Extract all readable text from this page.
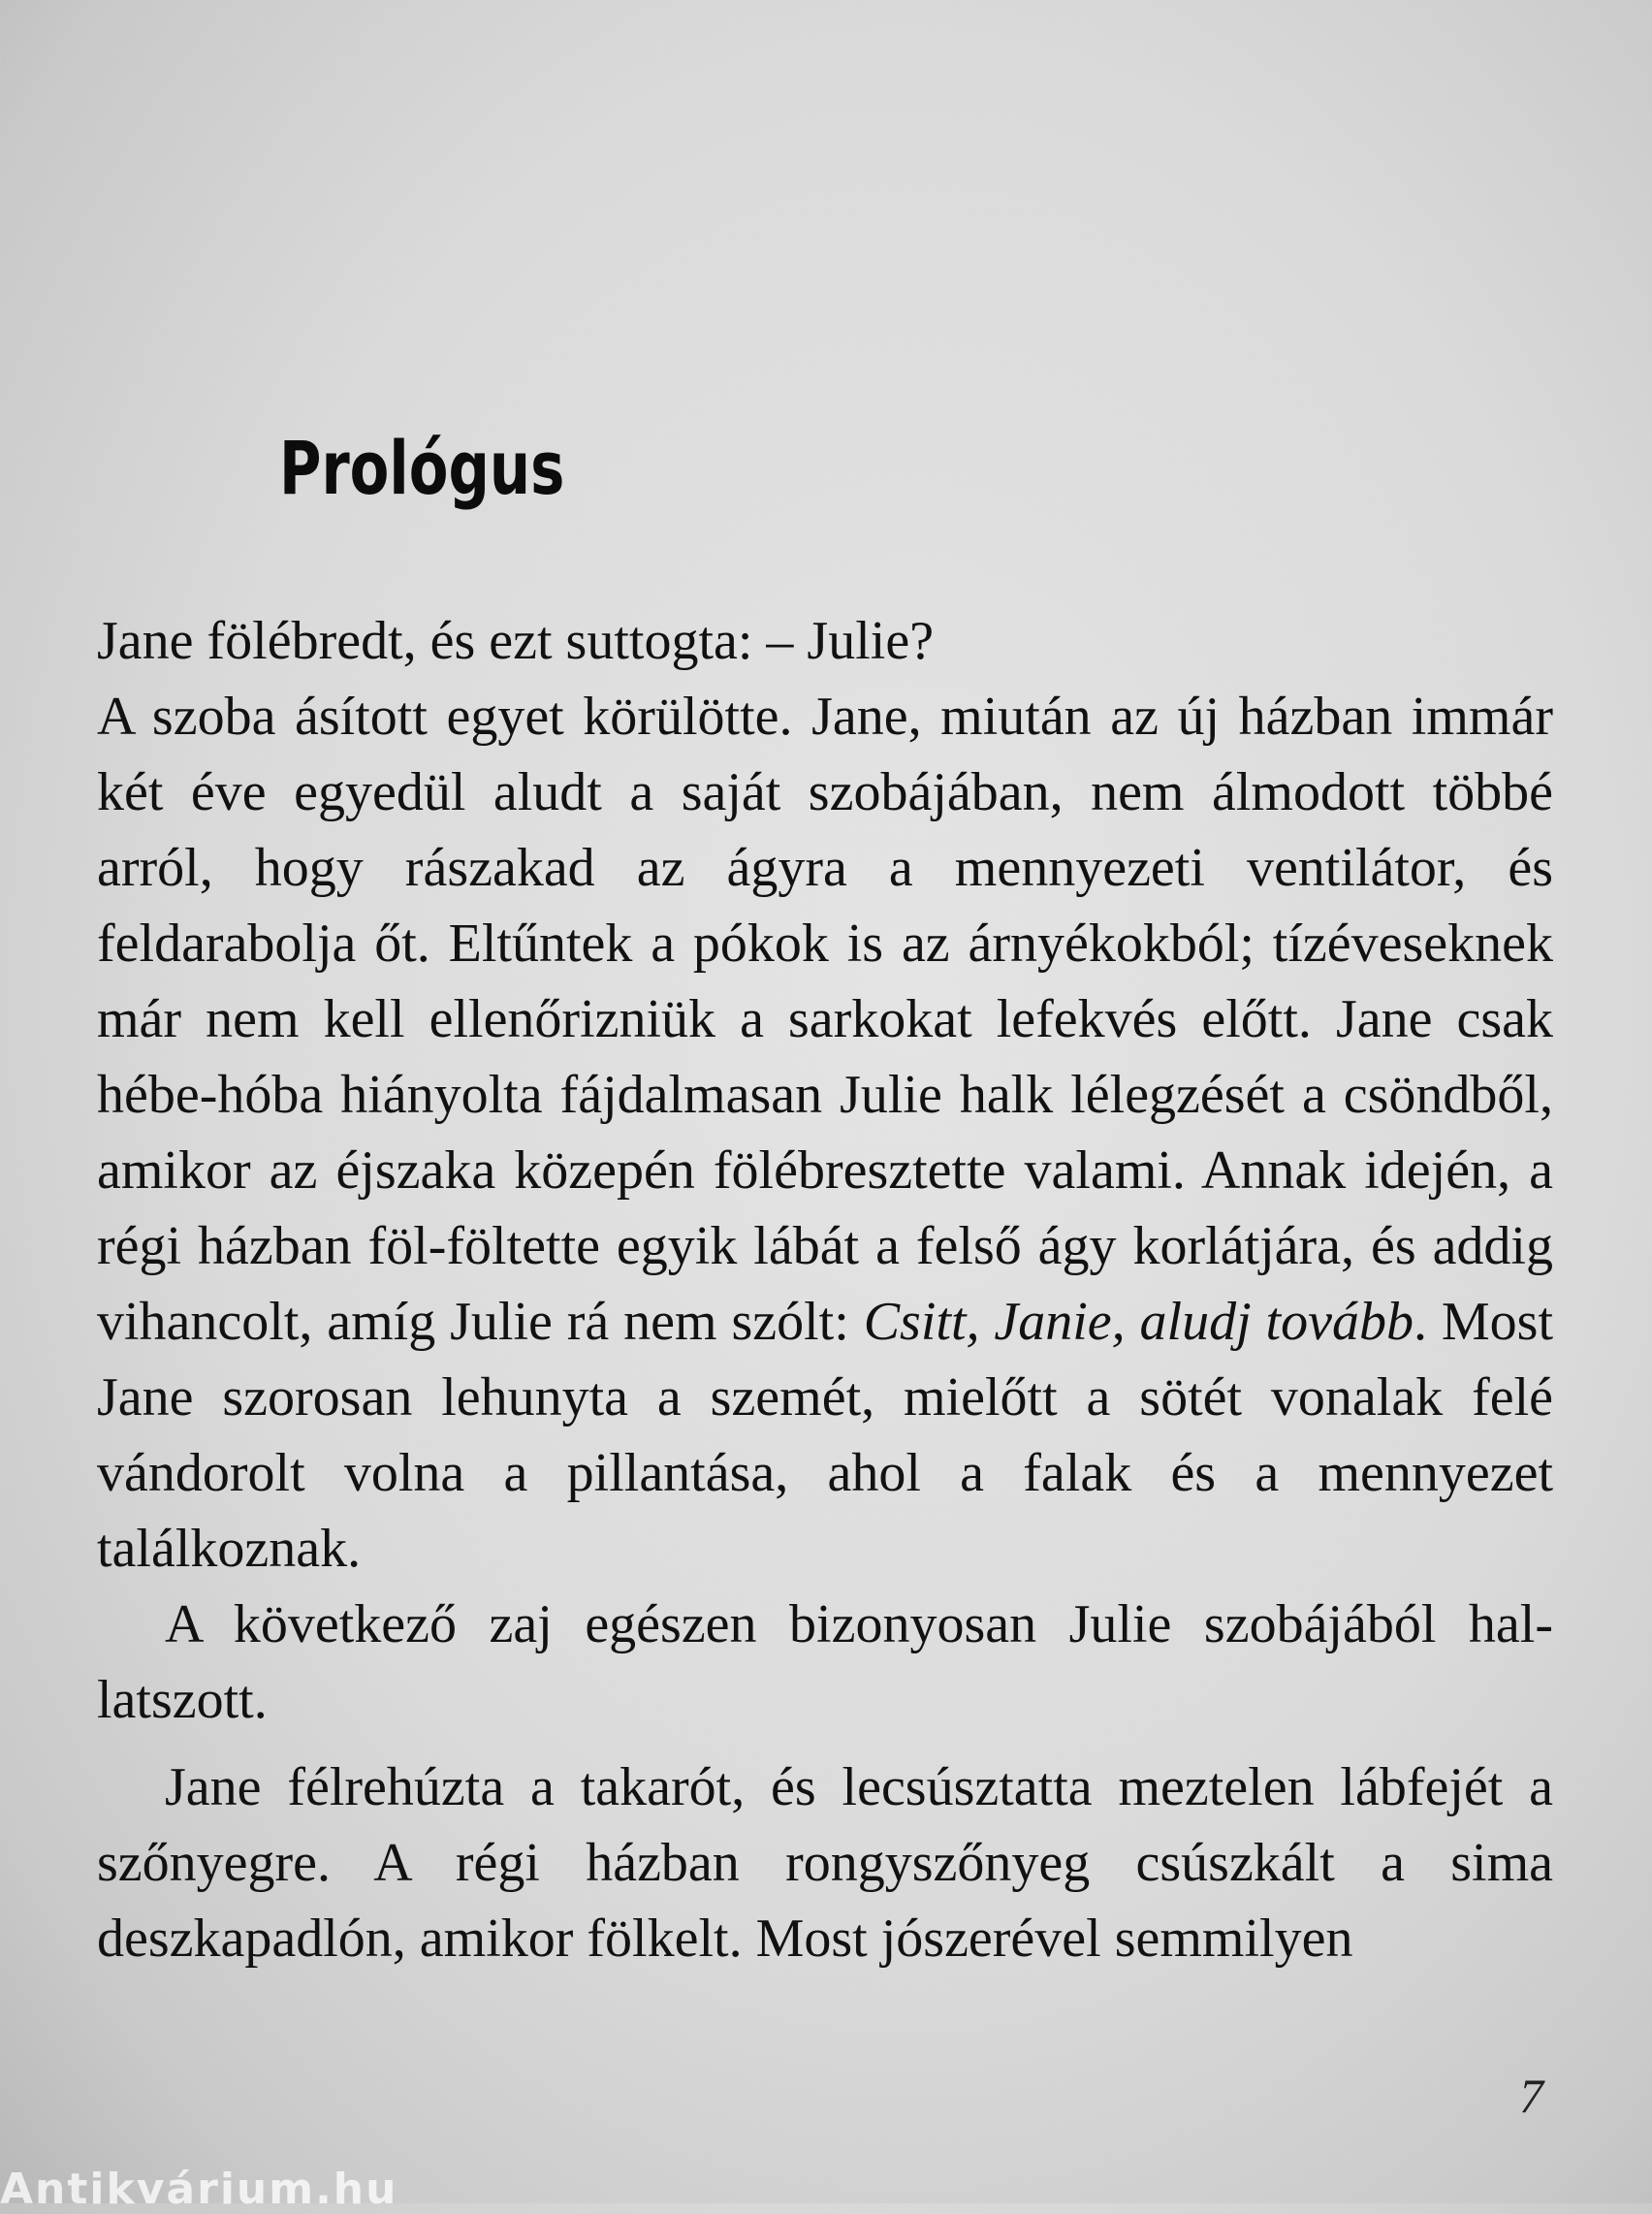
Prológus

Jane fölébredt, és ezt suttogta: – Julie?

A szoba ásított egyet körülötte. Jane, miután az új házban immár két éve egyedül aludt a saját szobájában, nem álmodott többé arról, hogy rászakad az ágyra a mennyezeti ventilátor, és feldarabolja őt. Eltűntek a pókok is az árnyékokból; tízéveseknek már nem kell ellenőrizniük a sarkokat lefekvés előtt. Jane csak hébe-hóba hiányolta fájdalmasan Julie halk lélegzését a csöndből, amikor az éjszaka közepén fölébresztette valami. Annak idején, a régi házban föl-föltette egyik lábát a felső ágy korlátjára, és addig vihancolt, amíg Julie rá nem szólt: Csitt, Janie, aludj tovább. Most Jane szorosan lehunyta a szemét, mielőtt a sötét vonalak felé vándorolt volna a pillantása, ahol a falak és a mennyezet találkoznak.

A következő zaj egészen bizonyosan Julie szobájából hallatszott.

Jane félrehúzta a takarót, és lecsúsztatta meztelen lábfejét a szőnyegre. A régi házban rongyszőnyeg csúszkált a sima deszkapadlón, amikor fölkelt. Most jószerével semmilyen

7
Antikvárium.hu
